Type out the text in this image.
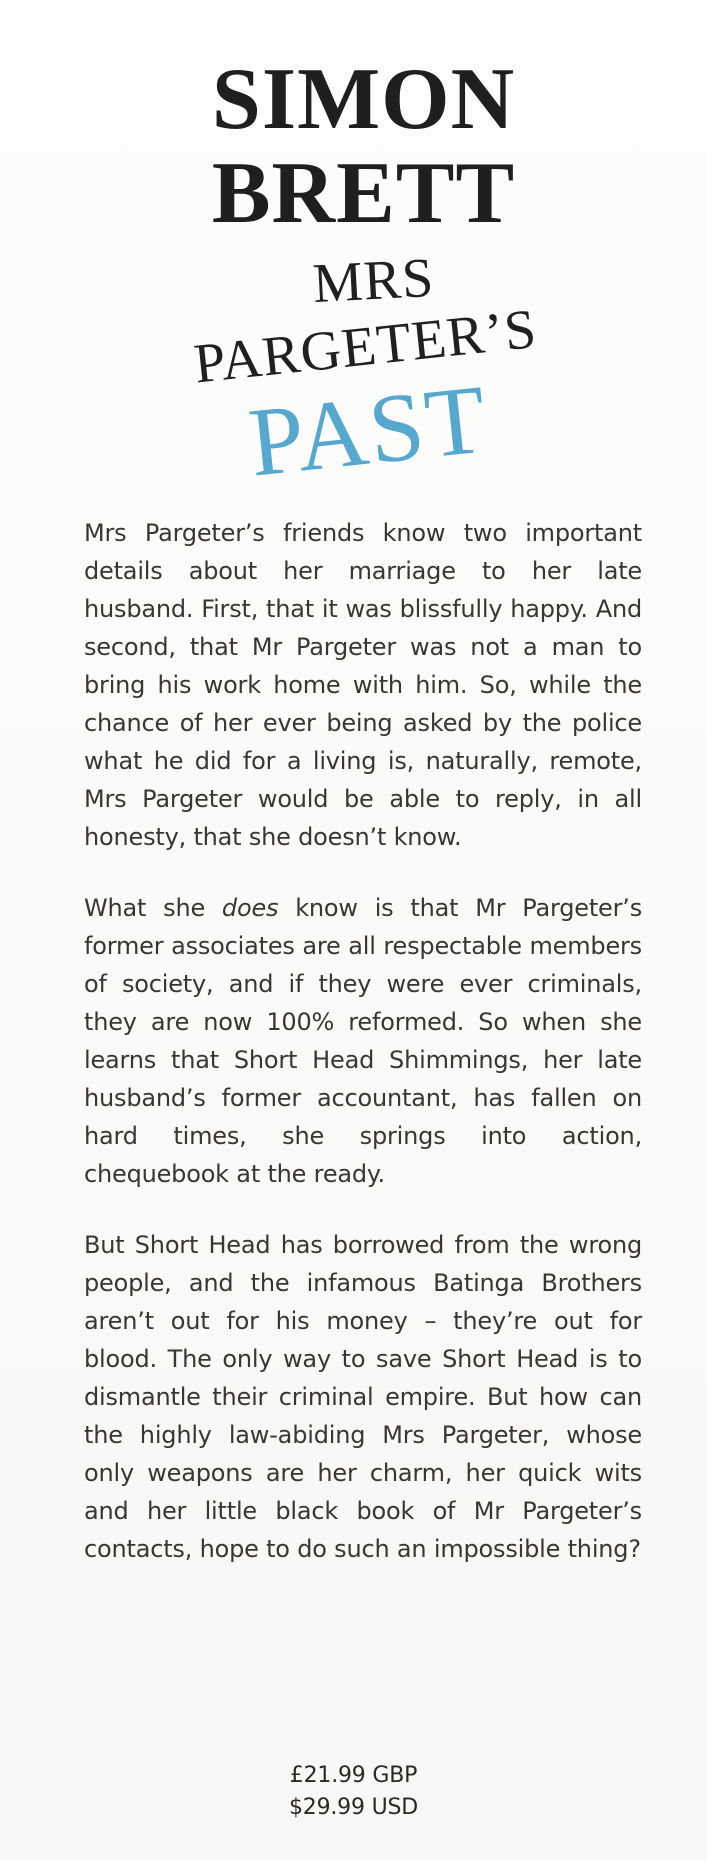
SIMON
BRETT
MRS
PARGETER’S
PAST

Mrs Pargeter’s friends know two important details about her marriage to her late husband. First, that it was blissfully happy. And second, that Mr Pargeter was not a man to bring his work home with him. So, while the chance of her ever being asked by the police what he did for a living is, naturally, remote, Mrs Pargeter would be able to reply, in all honesty, that she doesn’t know.

What she does know is that Mr Pargeter’s former associates are all respectable members of society, and if they were ever criminals, they are now 100% reformed. So when she learns that Short Head Shimmings, her late husband’s former accountant, has fallen on hard times, she springs into action, chequebook at the ready.

But Short Head has borrowed from the wrong people, and the infamous Batinga Brothers aren’t out for his money – they’re out for blood. The only way to save Short Head is to dismantle their criminal empire. But how can the highly law-abiding Mrs Pargeter, whose only weapons are her charm, her quick wits and her little black book of Mr Pargeter’s contacts, hope to do such an impossible thing?

£21.99 GBP
$29.99 USD
